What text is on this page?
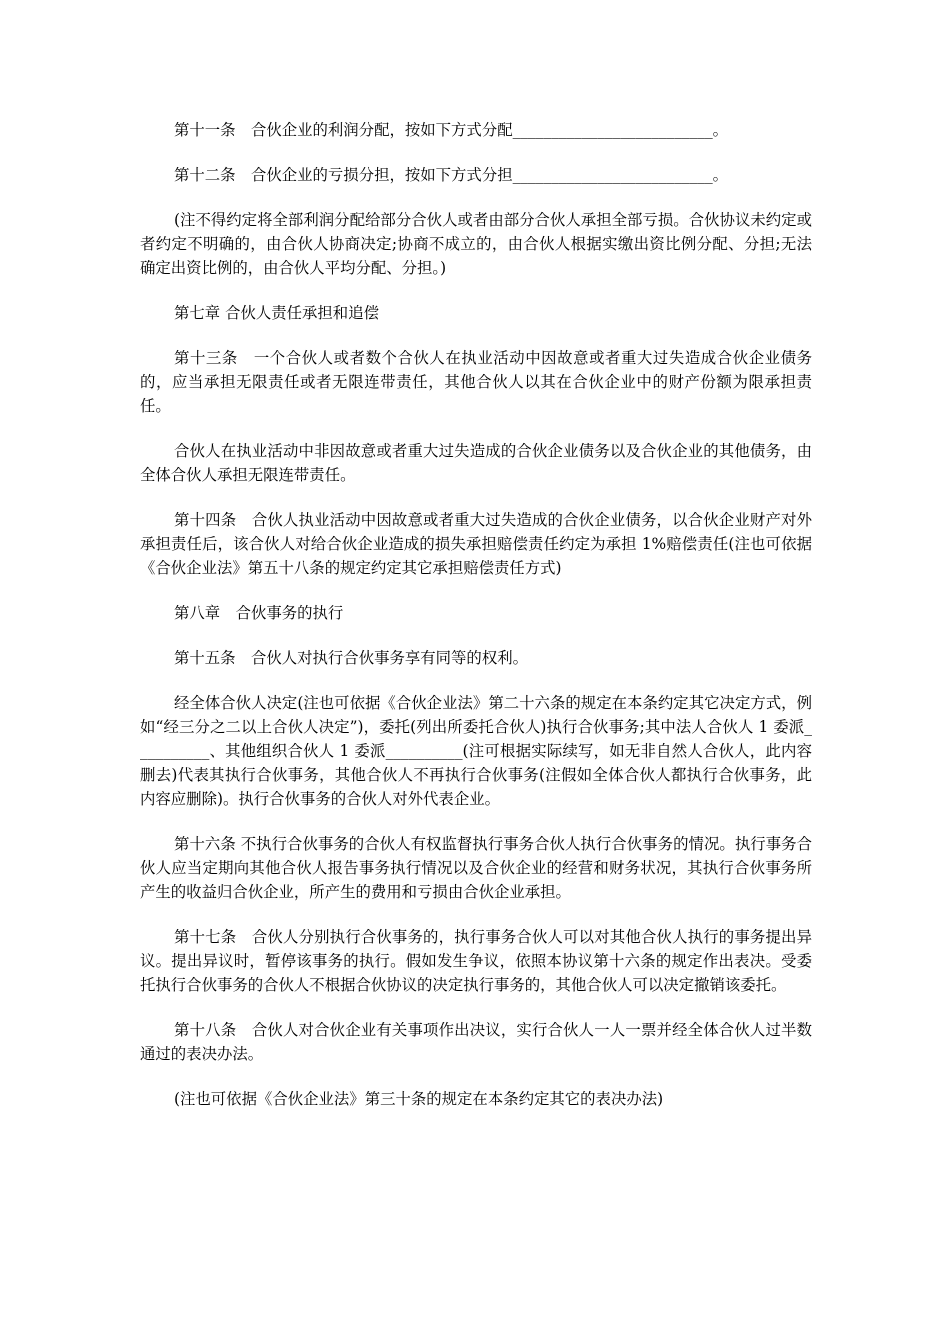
第十一条　合伙企业的利润分配，按如下方式分配__________________________。

第十二条　合伙企业的亏损分担，按如下方式分担__________________________。

(注不得约定将全部利润分配给部分合伙人或者由部分合伙人承担全部亏损。合伙协议未约定或者约定不明确的，由合伙人协商决定;协商不成立的，由合伙人根据实缴出资比例分配、分担;无法确定出资比例的，由合伙人平均分配、分担。)

第七章 合伙人责任承担和追偿

第十三条　一个合伙人或者数个合伙人在执业活动中因故意或者重大过失造成合伙企业债务的，应当承担无限责任或者无限连带责任，其他合伙人以其在合伙企业中的财产份额为限承担责任。

合伙人在执业活动中非因故意或者重大过失造成的合伙企业债务以及合伙企业的其他债务，由全体合伙人承担无限连带责任。

第十四条　合伙人执业活动中因故意或者重大过失造成的合伙企业债务，以合伙企业财产对外承担责任后，该合伙人对给合伙企业造成的损失承担赔偿责任约定为承担 1%赔偿责任(注也可依据《合伙企业法》第五十八条的规定约定其它承担赔偿责任方式)

第八章　合伙事务的执行

第十五条　合伙人对执行合伙事务享有同等的权利。

经全体合伙人决定(注也可依据《合伙企业法》第二十六条的规定在本条约定其它决定方式，例如“经三分之二以上合伙人决定”)，委托(列出所委托合伙人)执行合伙事务;其中法人合伙人 1 委派__________、其他组织合伙人 1 委派__________(注可根据实际续写，如无非自然人合伙人，此内容删去)代表其执行合伙事务，其他合伙人不再执行合伙事务(注假如全体合伙人都执行合伙事务，此内容应删除)。执行合伙事务的合伙人对外代表企业。

第十六条 不执行合伙事务的合伙人有权监督执行事务合伙人执行合伙事务的情况。执行事务合伙人应当定期向其他合伙人报告事务执行情况以及合伙企业的经营和财务状况，其执行合伙事务所产生的收益归合伙企业，所产生的费用和亏损由合伙企业承担。

第十七条　合伙人分别执行合伙事务的，执行事务合伙人可以对其他合伙人执行的事务提出异议。提出异议时，暂停该事务的执行。假如发生争议，依照本协议第十六条的规定作出表决。受委托执行合伙事务的合伙人不根据合伙协议的决定执行事务的，其他合伙人可以决定撤销该委托。

第十八条　合伙人对合伙企业有关事项作出决议，实行合伙人一人一票并经全体合伙人过半数通过的表决办法。

(注也可依据《合伙企业法》第三十条的规定在本条约定其它的表决办法)
